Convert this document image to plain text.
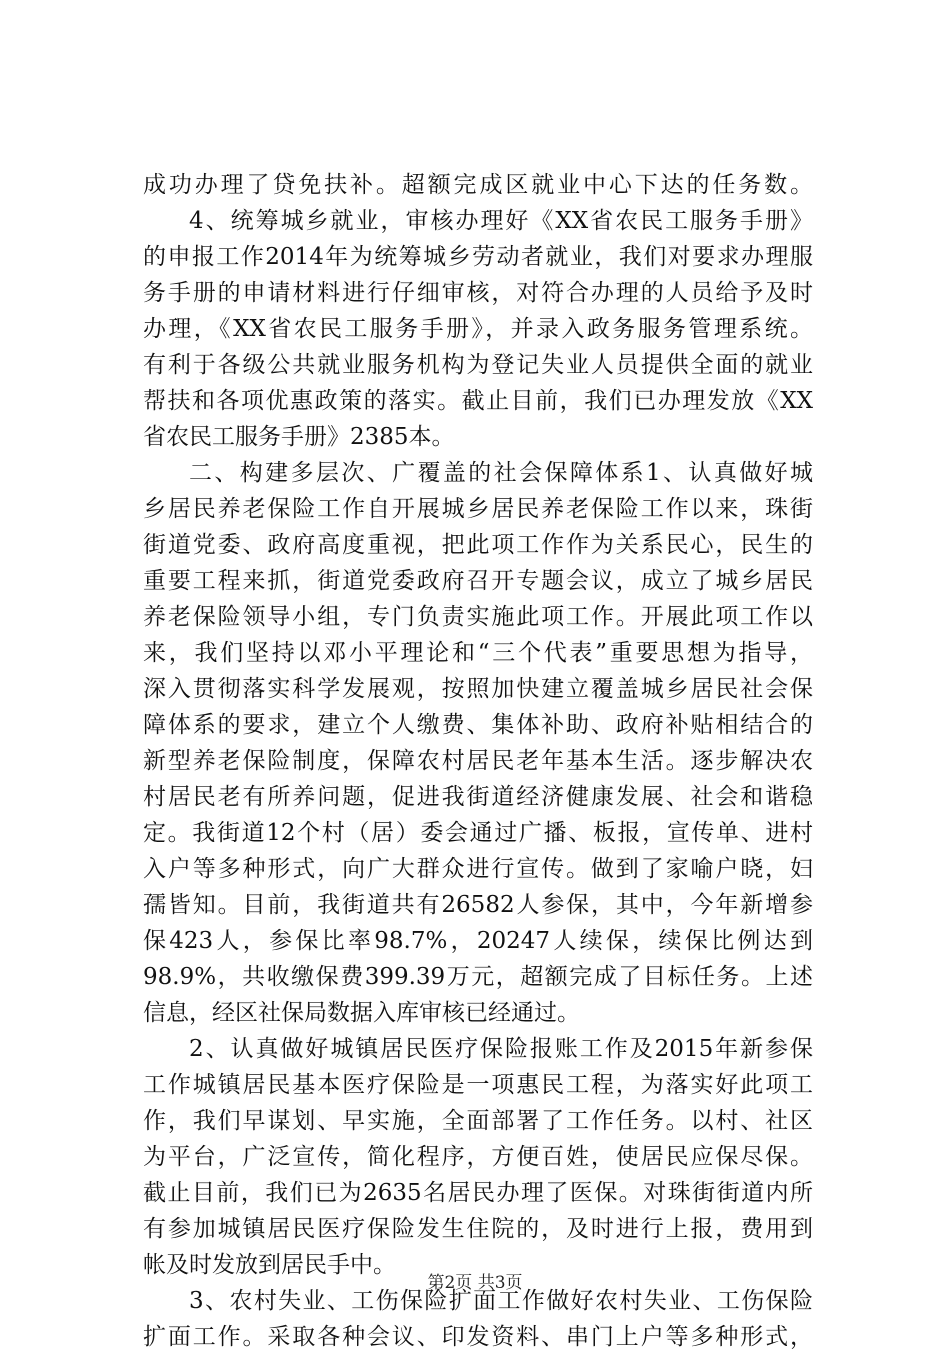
成功办理了贷免扶补。超额完成区就业中心下达的任务数。
4、统筹城乡就业，审核办理好《XX省农民工服务手册》
的申报工作2014年为统筹城乡劳动者就业，我们对要求办理服
务手册的申请材料进行仔细审核，对符合办理的人员给予及时
办理，《XX省农民工服务手册》，并录入政务服务管理系统。
有利于各级公共就业服务机构为登记失业人员提供全面的就业
帮扶和各项优惠政策的落实。截止目前，我们已办理发放《XX
省农民工服务手册》2385本。
二、构建多层次、广覆盖的社会保障体系1、认真做好城
乡居民养老保险工作自开展城乡居民养老保险工作以来，珠街
街道党委、政府高度重视，把此项工作作为关系民心，民生的
重要工程来抓，街道党委政府召开专题会议，成立了城乡居民
养老保险领导小组，专门负责实施此项工作。开展此项工作以
来，我们坚持以邓小平理论和“三个代表”重要思想为指导，
深入贯彻落实科学发展观，按照加快建立覆盖城乡居民社会保
障体系的要求，建立个人缴费、集体补助、政府补贴相结合的
新型养老保险制度，保障农村居民老年基本生活。逐步解决农
村居民老有所养问题，促进我街道经济健康发展、社会和谐稳
定。我街道12个村（居）委会通过广播、板报，宣传单、进村
入户等多种形式，向广大群众进行宣传。做到了家喻户晓，妇
孺皆知。目前，我街道共有26582人参保，其中，今年新增参
保423人，参保比率98.7%，20247人续保，续保比例达到
98.9%，共收缴保费399.39万元，超额完成了目标任务。上述
信息，经区社保局数据入库审核已经通过。
2、认真做好城镇居民医疗保险报账工作及2015年新参保
工作城镇居民基本医疗保险是一项惠民工程，为落实好此项工
作，我们早谋划、早实施，全面部署了工作任务。以村、社区
为平台，广泛宣传，简化程序，方便百姓，使居民应保尽保。
截止目前，我们已为2635名居民办理了医保。对珠街街道内所
有参加城镇居民医疗保险发生住院的，及时进行上报，费用到
帐及时发放到居民手中。
3、农村失业、工伤保险扩面工作做好农村失业、工伤保险
扩面工作。采取各种会议、印发资料、串门上户等多种形式，
第2页 共3页
